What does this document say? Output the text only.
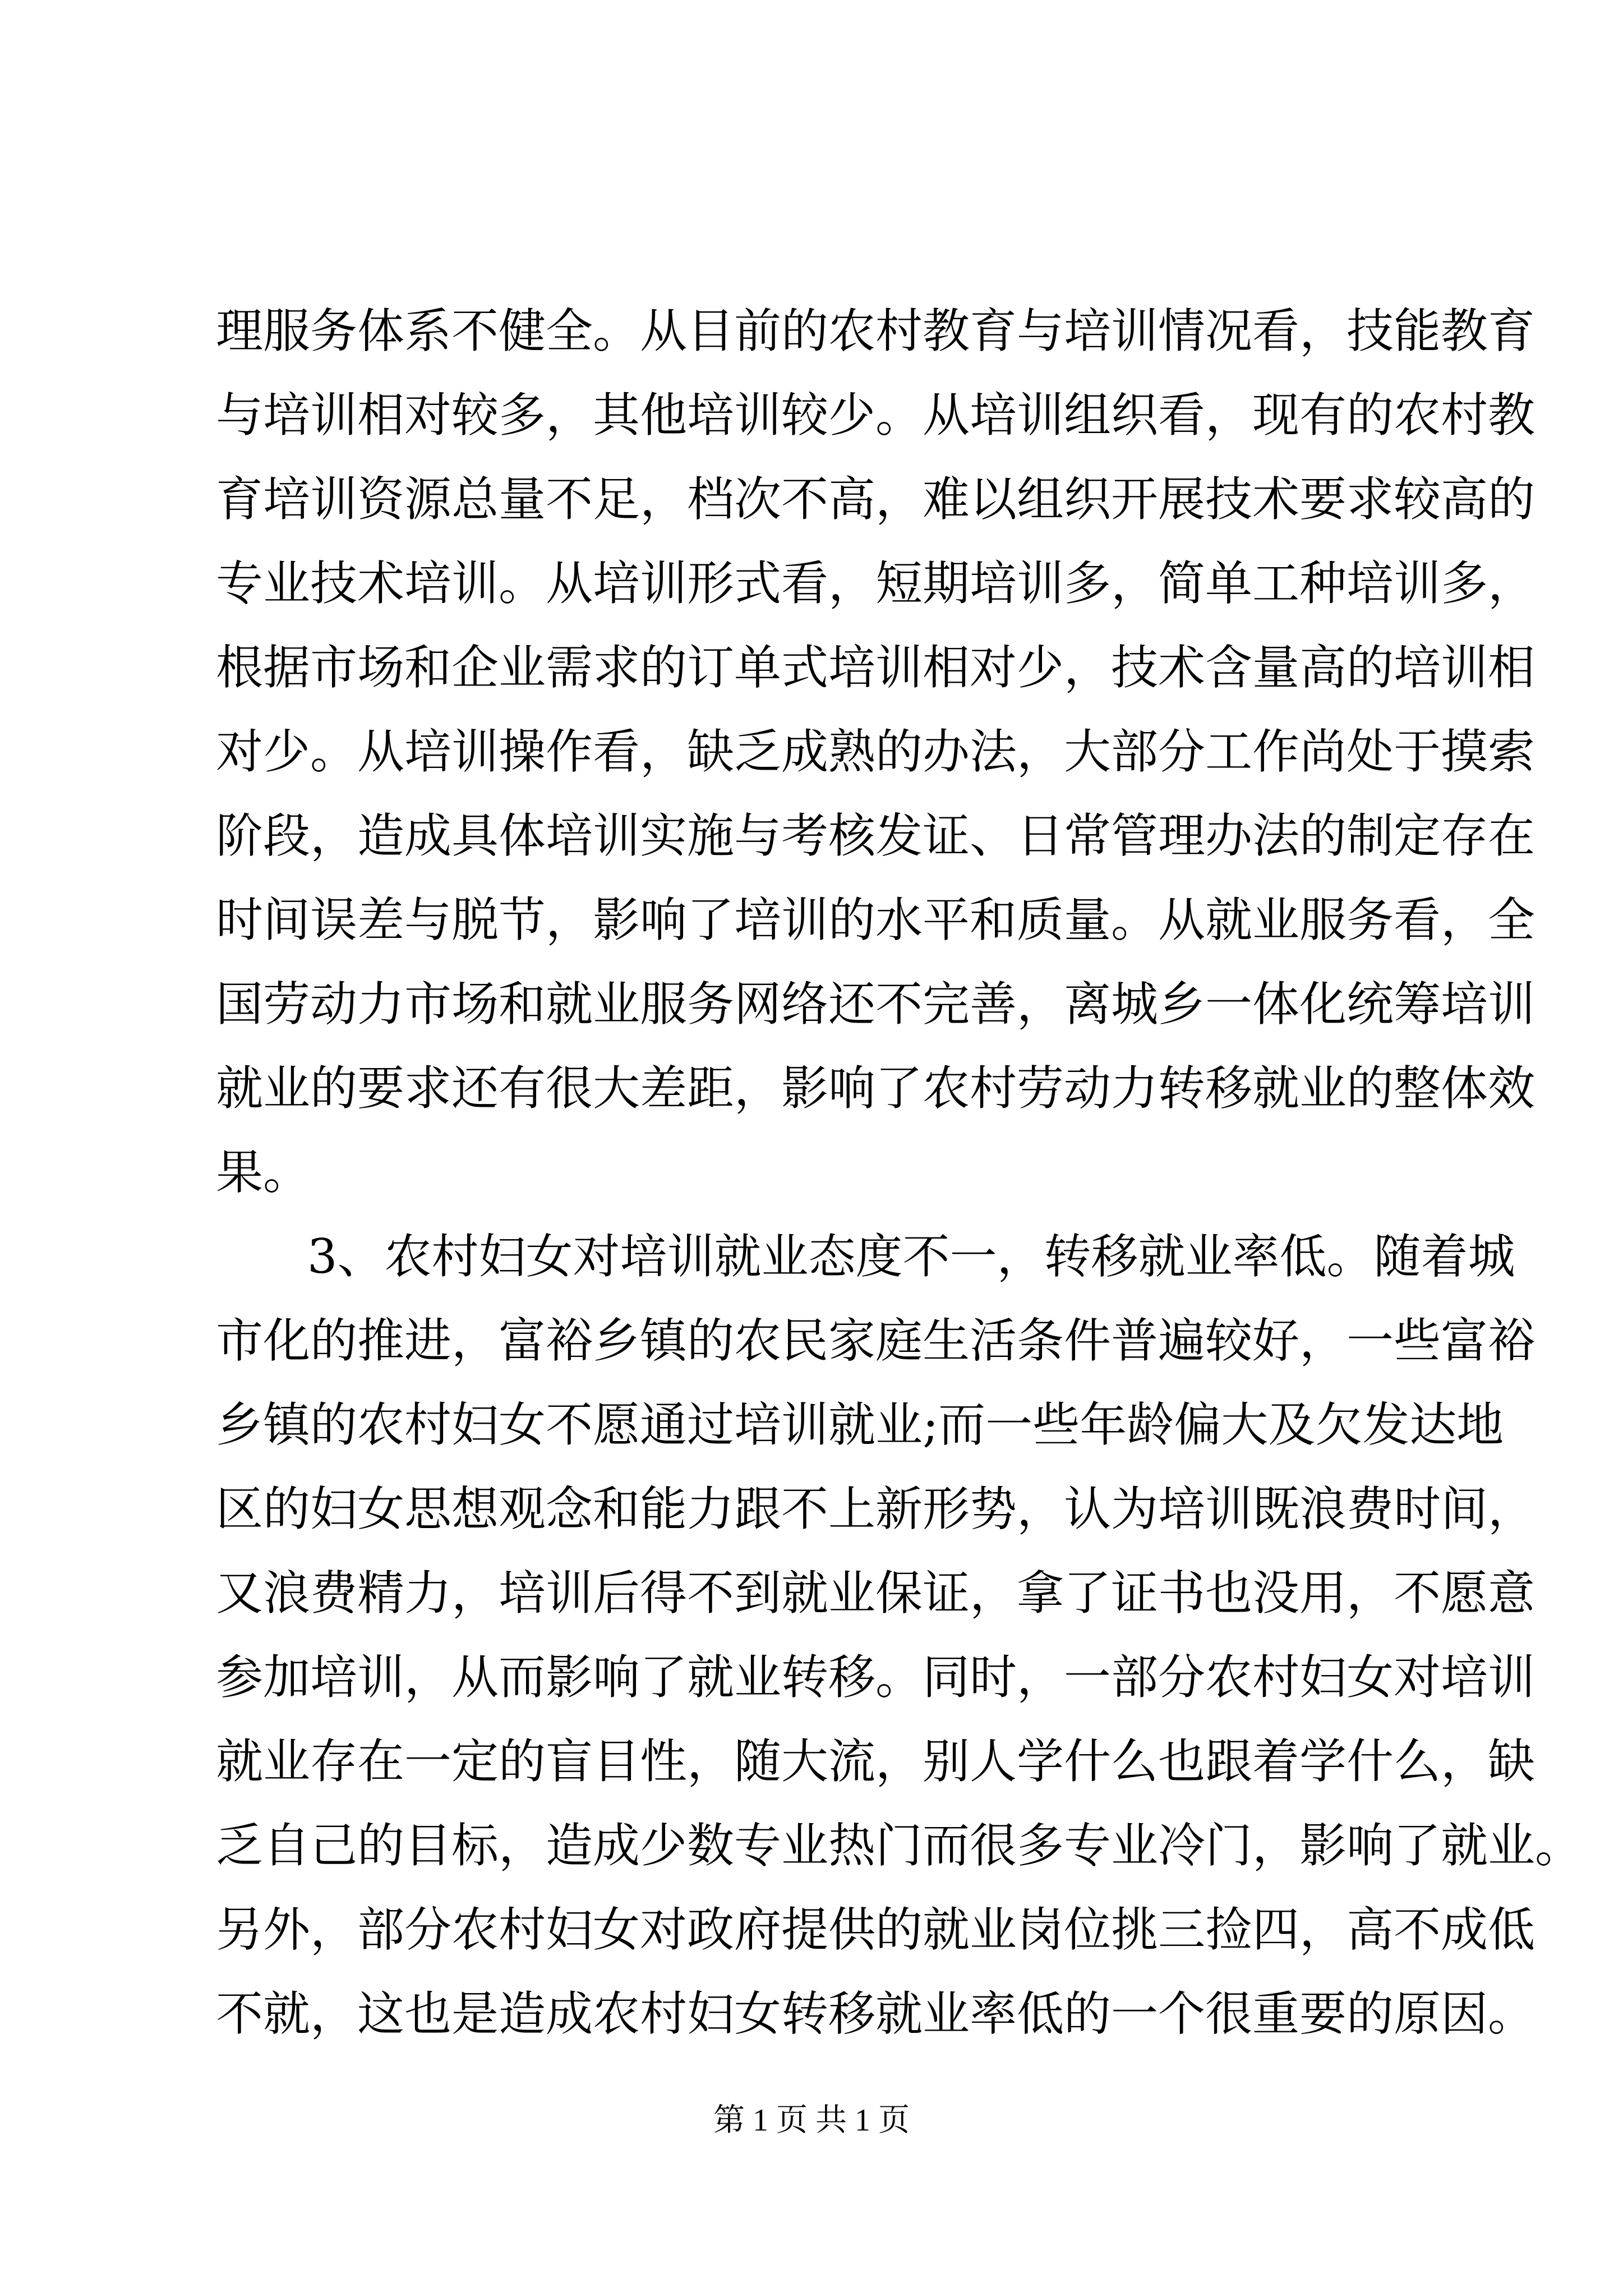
理服务体系不健全。从目前的农村教育与培训情况看，技能教育
与培训相对较多，其他培训较少。从培训组织看，现有的农村教
育培训资源总量不足，档次不高，难以组织开展技术要求较高的
专业技术培训。从培训形式看，短期培训多，简单工种培训多，
根据市场和企业需求的订单式培训相对少，技术含量高的培训相
对少。从培训操作看，缺乏成熟的办法，大部分工作尚处于摸索
阶段，造成具体培训实施与考核发证、日常管理办法的制定存在
时间误差与脱节，影响了培训的水平和质量。从就业服务看，全
国劳动力市场和就业服务网络还不完善，离城乡一体化统筹培训
就业的要求还有很大差距，影响了农村劳动力转移就业的整体效
果。
3、农村妇女对培训就业态度不一，转移就业率低。随着城
市化的推进，富裕乡镇的农民家庭生活条件普遍较好，一些富裕
乡镇的农村妇女不愿通过培训就业;而一些年龄偏大及欠发达地
区的妇女思想观念和能力跟不上新形势，认为培训既浪费时间，
又浪费精力，培训后得不到就业保证，拿了证书也没用，不愿意
参加培训，从而影响了就业转移。同时，一部分农村妇女对培训
就业存在一定的盲目性，随大流，别人学什么也跟着学什么，缺
乏自己的目标，造成少数专业热门而很多专业冷门，影响了就业。
另外，部分农村妇女对政府提供的就业岗位挑三捡四，高不成低
不就，这也是造成农村妇女转移就业率低的一个很重要的原因。
第 1 页 共 1 页
